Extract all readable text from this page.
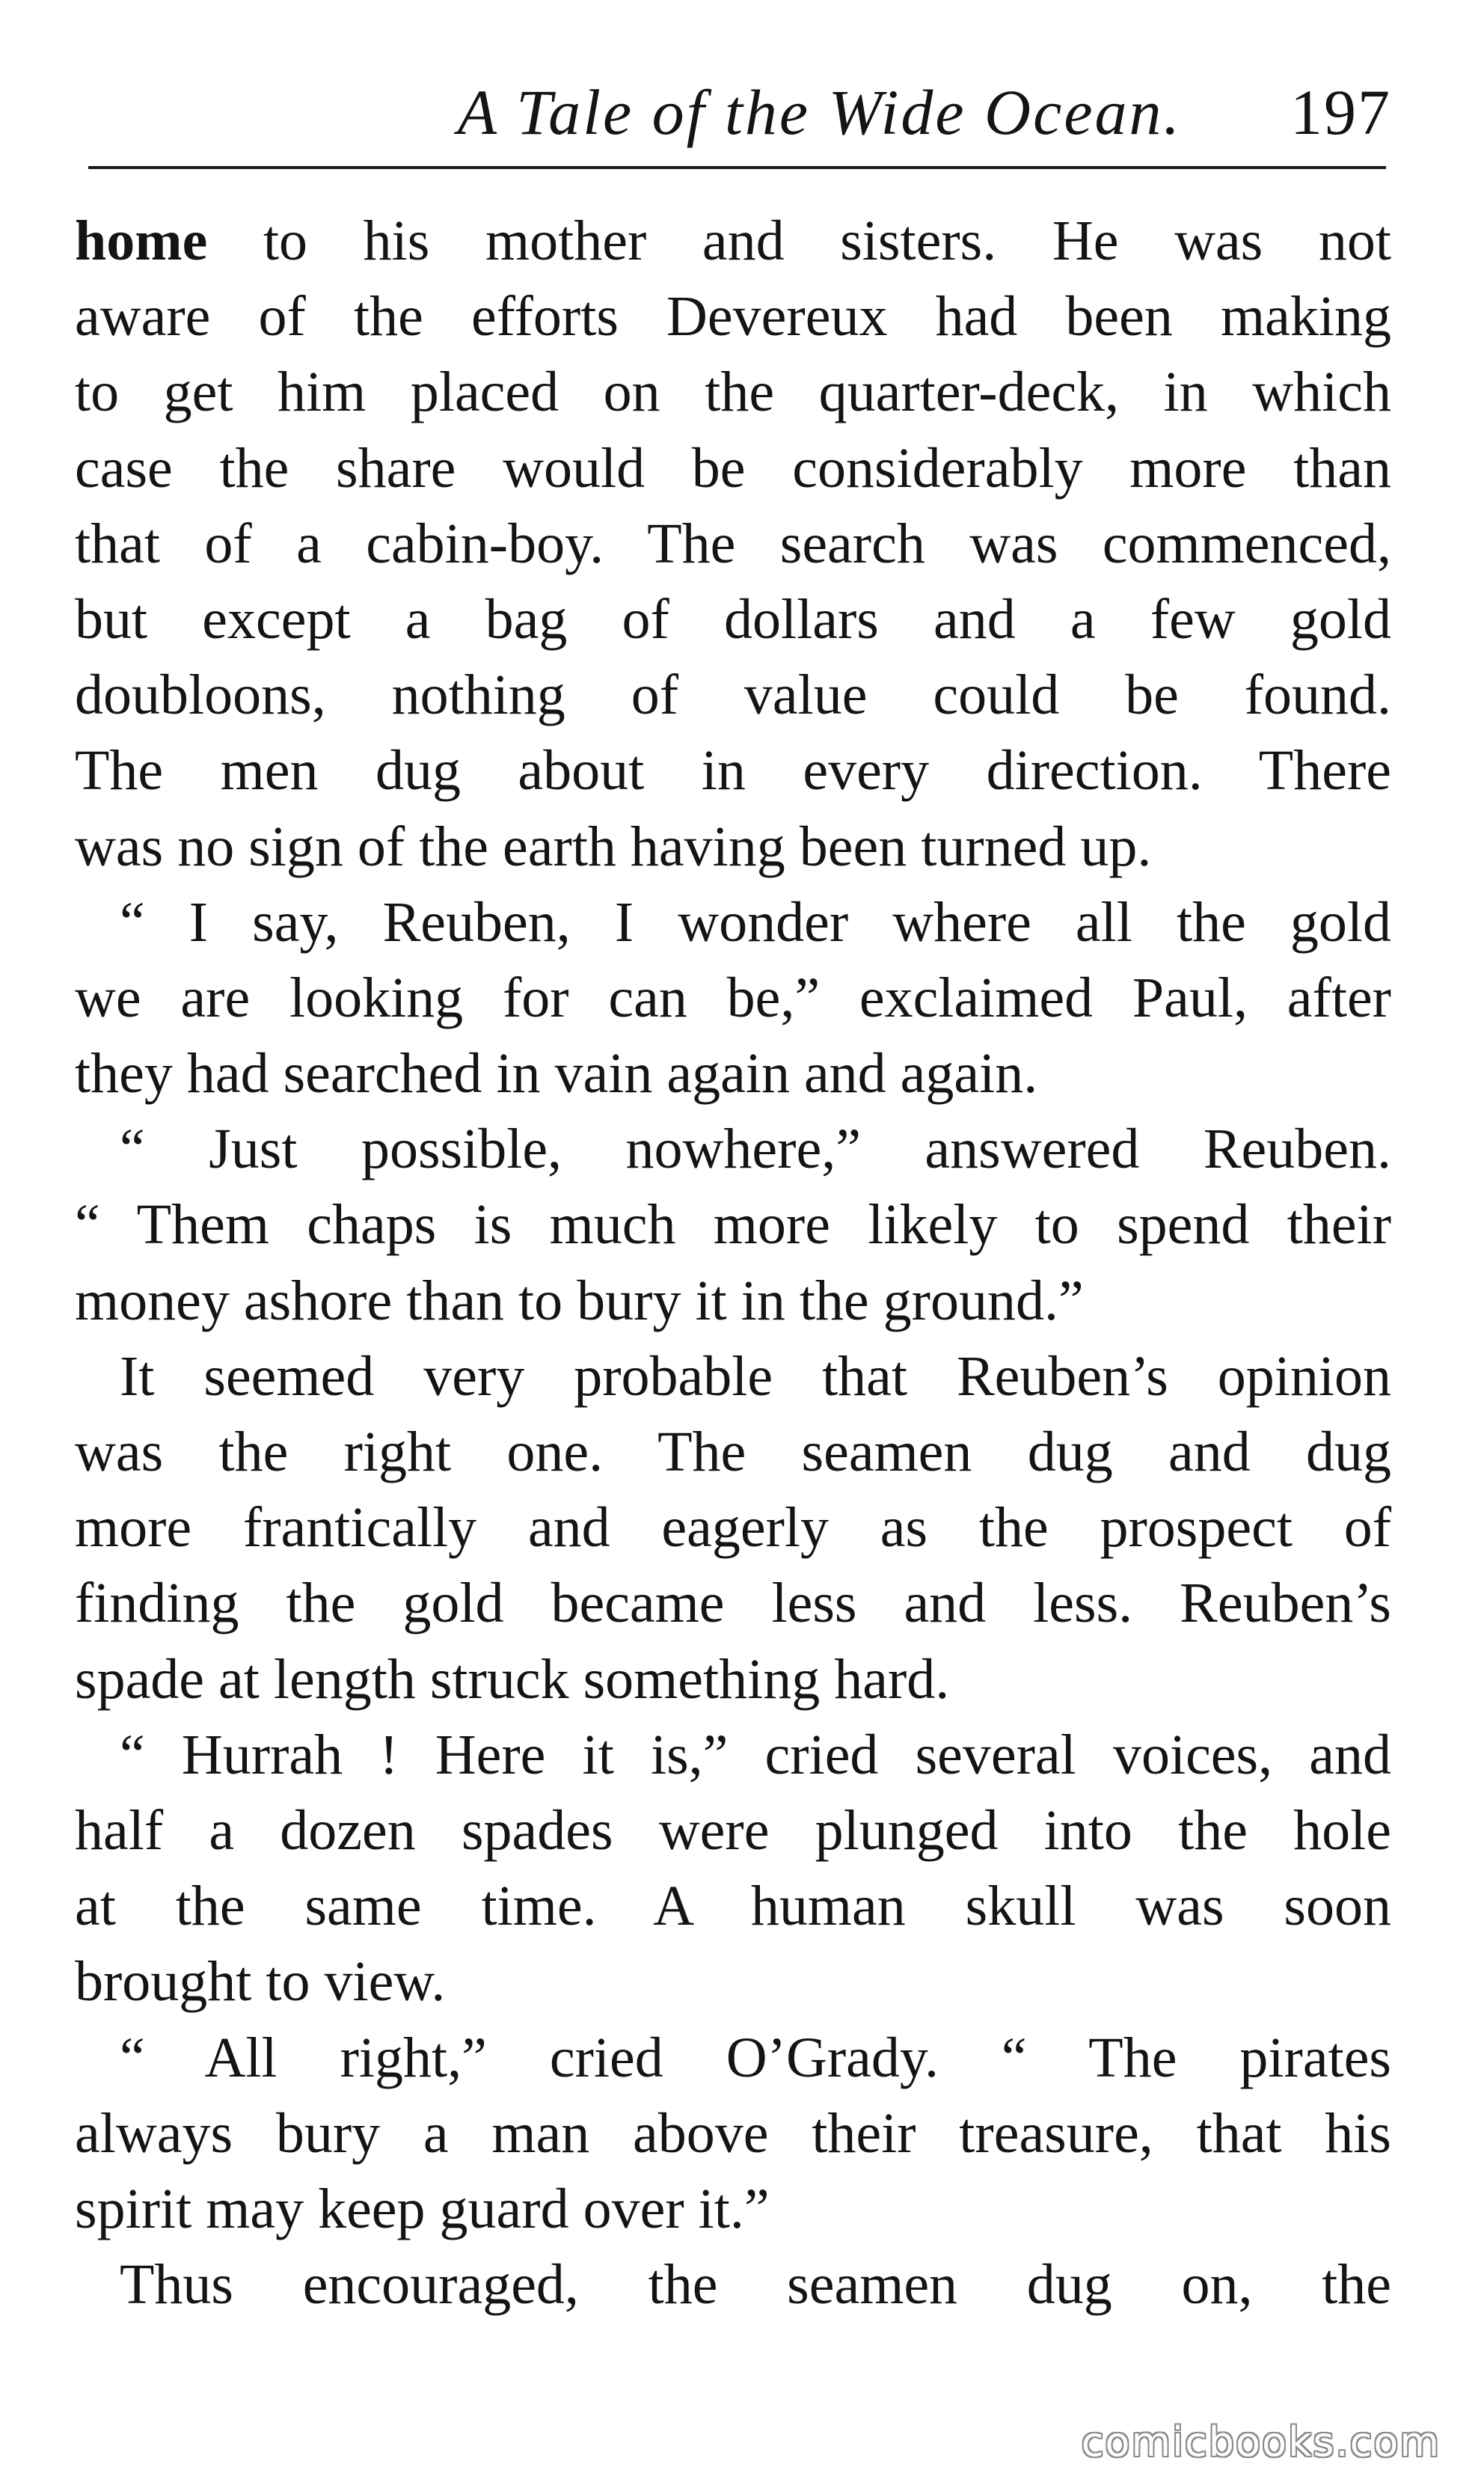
A Tale of the Wide Ocean. 197
home to his mother and sisters. He was not
aware of the efforts Devereux had been making
to get him placed on the quarter-deck, in which
case the share would be considerably more than
that of a cabin-boy. The search was commenced,
but except a bag of dollars and a few gold
doubloons, nothing of value could be found.
The men dug about in every direction. There
was no sign of the earth having been turned up.
“ I say, Reuben, I wonder where all the gold
we are looking for can be,” exclaimed Paul, after
they had searched in vain again and again.
“ Just possible, nowhere,” answered Reuben.
“ Them chaps is much more likely to spend their
money ashore than to bury it in the ground.”
It seemed very probable that Reuben’s opinion
was the right one. The seamen dug and dug
more frantically and eagerly as the prospect of
finding the gold became less and less. Reuben’s
spade at length struck something hard.
“ Hurrah ! Here it is,” cried several voices, and
half a dozen spades were plunged into the hole
at the same time. A human skull was soon
brought to view.
“ All right,” cried O’Grady. “ The pirates
always bury a man above their treasure, that his
spirit may keep guard over it.”
Thus encouraged, the seamen dug on, the
comicbooks.com
